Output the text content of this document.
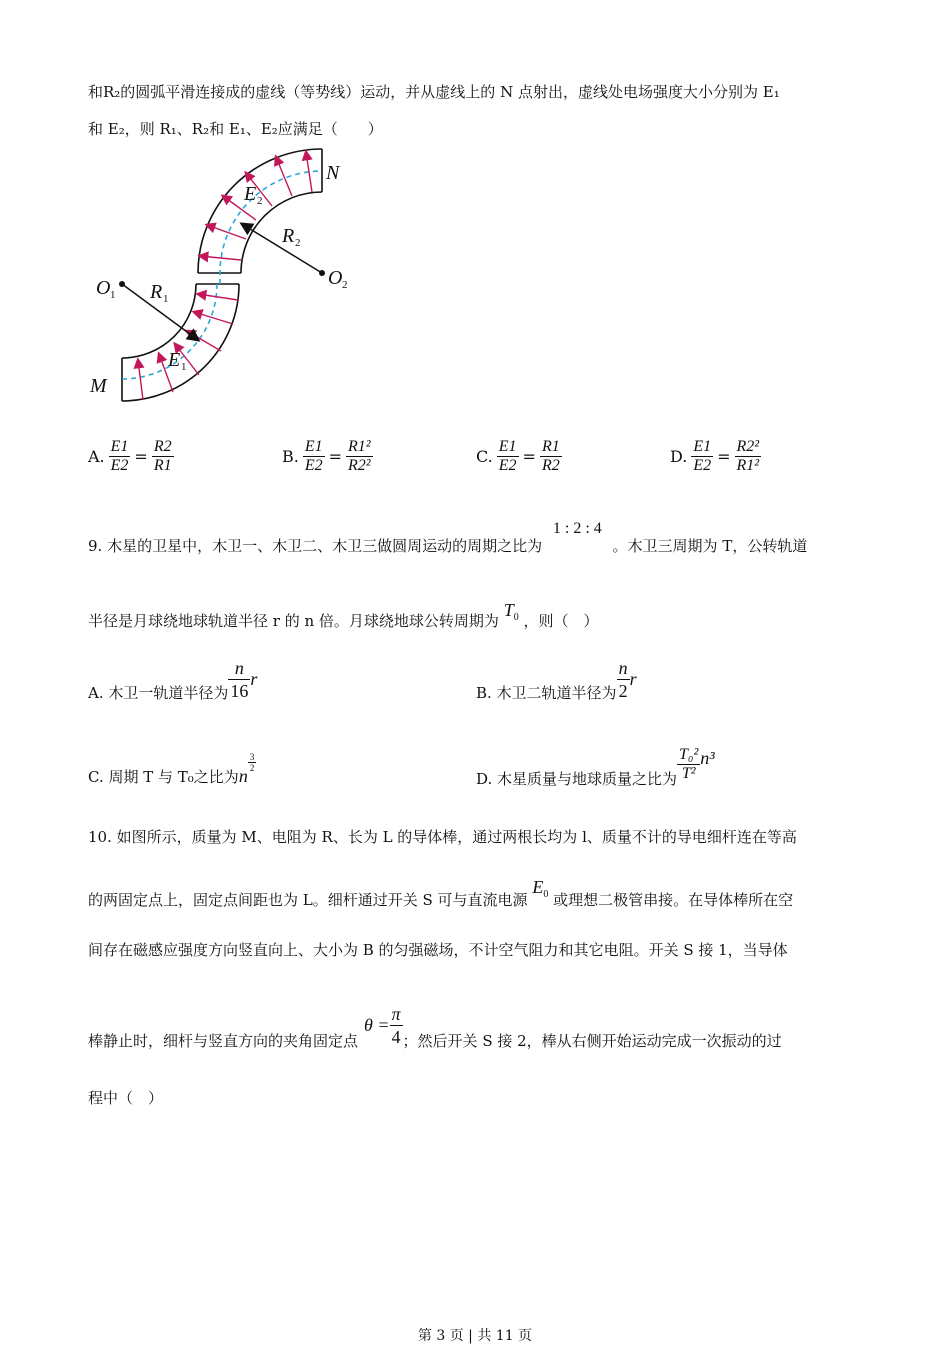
和R₂的圆弧平滑连接成的虚线（等势线）运动，并从虚线上的 N 点射出，虚线处电场强度大小分别为 E₁
和 E₂，则 R₁、R₂和 E₁、E₂应满足（　　）
N
M
O	O
R
R
E
E
1
2
1
2
1
2
A. $\frac{E1}{E2} = \frac{R2}{R1}$	B. $\frac{E1}{E2} = \frac{\text{R1²}}{\text{R2²}}$	C. $\frac{E1}{E2} = \frac{R1}{R2}$	D. $\frac{E1}{E2} = \frac{\text{R2²}}{\text{R1²}}$
9. 木星的卫星中，木卫一、木卫二、木卫三做圆周运动的周期之比为 1 : 2 : 4 。木卫三周期为 T，公转轨道
半径是月球绕地球轨道半径 r 的 n 倍。月球绕地球公转周期为 $T_0$ ，则（　）
A. 木卫一轨道半径为 $\frac{n}{16}$ r
B. 木卫二轨道半径为 $\frac{n}{2}$ r
C. 周期 T 与 T₀之比为 n
$\frac{3}{2}$
D. 木星质量与地球质量之比为 $\frac{\text{T₀²}}{\text{T²}} n^3$
10. 如图所示，质量为 M、电阻为 R、长为 L 的导体棒，通过两根长均为 l、质量不计的导电细杆连在等高
的两固定点上，固定点间距也为 L。细杆通过开关 S 可与直流电源 $E_0$ 或理想二极管串接。在导体棒所在空
间存在磁感应强度方向竖直向上、大小为 B 的匀强磁场，不计空气阻力和其它电阻。开关 S 接 1，当导体
棒静止时，细杆与竖直方向的夹角固定点
$\theta = \frac{\pi}{4}$ ；然后开关 S 接 2，棒从右侧开始运动完成一次振动的过
程中（　）
第 3 页 | 共 11 页
